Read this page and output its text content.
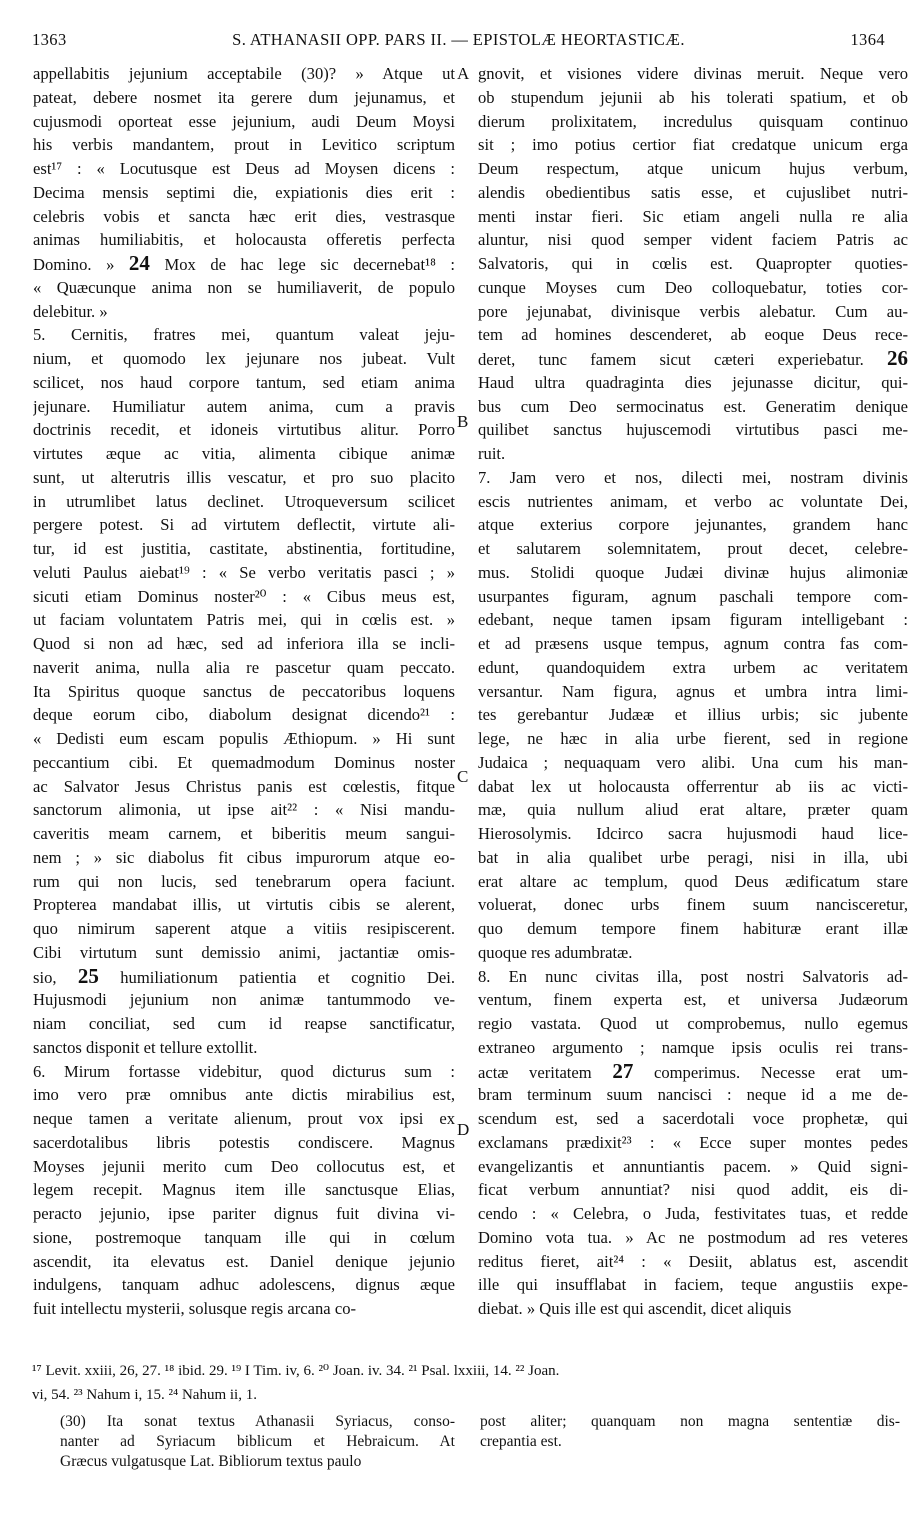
1363	S. ATHANASII OPP. PARS II. — EPISTOLÆ HEORTASTICÆ.	1364
appellabitis jejunium acceptabile (30)? » Atque ut
pateat, debere nosmet ita gerere dum jejunamus, et
cujusmodi oporteat esse jejunium, audi Deum Moysi
his verbis mandantem, prout in Levitico scriptum
est¹⁷ : « Locutusque est Deus ad Moysen dicens :
Decima mensis septimi die, expiationis dies erit :
celebris vobis et sancta hæc erit dies, vestrasque
animas humiliabitis, et holocausta offeretis perfecta
Domino. » 24 Mox de hac lege sic decernebat¹⁸ :
« Quæcunque anima non se humiliaverit, de populo
delebitur. »
5. Cernitis, fratres mei, quantum valeat jeju-
nium, et quomodo lex jejunare nos jubeat. Vult
scilicet, nos haud corpore tantum, sed etiam anima
jejunare. Humiliatur autem anima, cum a pravis
doctrinis recedit, et idoneis virtutibus alitur. Porro
virtutes æque ac vitia, alimenta cibique animæ
sunt, ut alterutris illis vescatur, et pro suo placito
in utrumlibet latus declinet. Utroqueversum scilicet
pergere potest. Si ad virtutem deflectit, virtute ali-
tur, id est justitia, castitate, abstinentia, fortitudine,
veluti Paulus aiebat¹⁹ : « Se verbo veritatis pasci ; »
sicuti etiam Dominus noster²⁰ : « Cibus meus est,
ut faciam voluntatem Patris mei, qui in cœlis est. »
Quod si non ad hæc, sed ad inferiora illa se incli-
naverit anima, nulla alia re pascetur quam peccato.
Ita Spiritus quoque sanctus de peccatoribus loquens
deque eorum cibo, diabolum designat dicendo²¹ :
« Dedisti eum escam populis Æthiopum. » Hi sunt
peccantium cibi. Et quemadmodum Dominus noster
ac Salvator Jesus Christus panis est cœlestis, fitque
sanctorum alimonia, ut ipse ait²² : « Nisi mandu-
caveritis meam carnem, et biberitis meum sangui-
nem ; » sic diabolus fit cibus impurorum atque eo-
rum qui non lucis, sed tenebrarum opera faciunt.
Propterea mandabat illis, ut virtutis cibis se alerent,
quo nimirum saperent atque a vitiis resipiscerent.
Cibi virtutum sunt demissio animi, jactantiæ omis-
sio, 25 humiliationum patientia et cognitio Dei.
Hujusmodi jejunium non animæ tantummodo ve-
niam conciliat, sed cum id reapse sanctificatur,
sanctos disponit et tellure extollit.
6. Mirum fortasse videbitur, quod dicturus sum :
imo vero præ omnibus ante dictis mirabilius est,
neque tamen a veritate alienum, prout vox ipsi ex
sacerdotalibus libris potestis condiscere. Magnus
Moyses jejunii merito cum Deo collocutus est, et
legem recepit. Magnus item ille sanctusque Elias,
peracto jejunio, ipse pariter dignus fuit divina vi-
sione, postremoque tanquam ille qui in cœlum
ascendit, ita elevatus est. Daniel denique jejunio
indulgens, tanquam adhuc adolescens, dignus æque
fuit intellectu mysterii, solusque regis arcana co-
gnovit, et visiones videre divinas meruit. Neque vero
ob stupendum jejunii ab his tolerati spatium, et ob
dierum prolixitatem, incredulus quisquam continuo
sit ; imo potius certior fiat credatque unicum erga
Deum respectum, atque unicum hujus verbum,
alendis obedientibus satis esse, et cujuslibet nutri-
menti instar fieri. Sic etiam angeli nulla re alia
aluntur, nisi quod semper vident faciem Patris ac
Salvatoris, qui in cœlis est. Quapropter quoties-
cunque Moyses cum Deo colloquebatur, toties cor-
pore jejunabat, divinisque verbis alebatur. Cum au-
tem ad homines descenderet, ab eoque Deus rece-
deret, tunc famem sicut cæteri experiebatur. 26
Haud ultra quadraginta dies jejunasse dicitur, qui-
bus cum Deo sermocinatus est. Generatim denique
quilibet sanctus hujuscemodi virtutibus pasci me-
ruit.
7. Jam vero et nos, dilecti mei, nostram divinis
escis nutrientes animam, et verbo ac voluntate Dei,
atque exterius corpore jejunantes, grandem hanc
et salutarem solemnitatem, prout decet, celebre-
mus. Stolidi quoque Judæi divinæ hujus alimoniæ
usurpantes figuram, agnum paschali tempore com-
edebant, neque tamen ipsam figuram intelligebant :
et ad præsens usque tempus, agnum contra fas com-
edunt, quandoquidem extra urbem ac veritatem
versantur. Nam figura, agnus et umbra intra limi-
tes gerebantur Judææ et illius urbis; sic jubente
lege, ne hæc in alia urbe fierent, sed in regione
Judaica ; nequaquam vero alibi. Una cum his man-
dabat lex ut holocausta offerrentur ab iis ac victi-
mæ, quia nullum aliud erat altare, præter quam
Hierosolymis. Idcirco sacra hujusmodi haud lice-
bat in alia qualibet urbe peragi, nisi in illa, ubi
erat altare ac templum, quod Deus ædificatum stare
voluerat, donec urbs finem suum nancisceretur,
quo demum tempore finem habituræ erant illæ
quoque res adumbratæ.
8. En nunc civitas illa, post nostri Salvatoris ad-
ventum, finem experta est, et universa Judæorum
regio vastata. Quod ut comprobemus, nullo egemus
extraneo argumento ; namque ipsis oculis rei trans-
actæ veritatem 27 comperimus. Necesse erat um-
bram terminum suum nancisci : neque id a me de-
scendum est, sed a sacerdotali voce prophetæ, qui
exclamans prædixit²³ : « Ecce super montes pedes
evangelizantis et annuntiantis pacem. » Quid signi-
ficat verbum annuntiat? nisi quod addit, eis di-
cendo : « Celebra, o Juda, festivitates tuas, et redde
Domino vota tua. » Ac ne postmodum ad res veteres
reditus fieret, ait²⁴ : « Desiit, ablatus est, ascendit
ille qui insufflabat in faciem, teque angustiis expe-
diebat. » Quis ille est qui ascendit, dicet aliquis
A
B
C
D
¹⁷ Levit. xxiii, 26, 27. ¹⁸ ibid. 29. ¹⁹ I Tim. iv, 6. ²⁰ Joan. iv. 34. ²¹ Psal. lxxiii, 14. ²² Joan.
vi, 54. ²³ Nahum i, 15. ²⁴ Nahum ii, 1.
(30) Ita sonat textus Athanasii Syriacus, conso-
nanter ad Syriacum biblicum et Hebraicum. At
Græcus vulgatusque Lat. Bibliorum textus paulo
post aliter; quanquam non magna sententiæ dis-
crepantia est.
